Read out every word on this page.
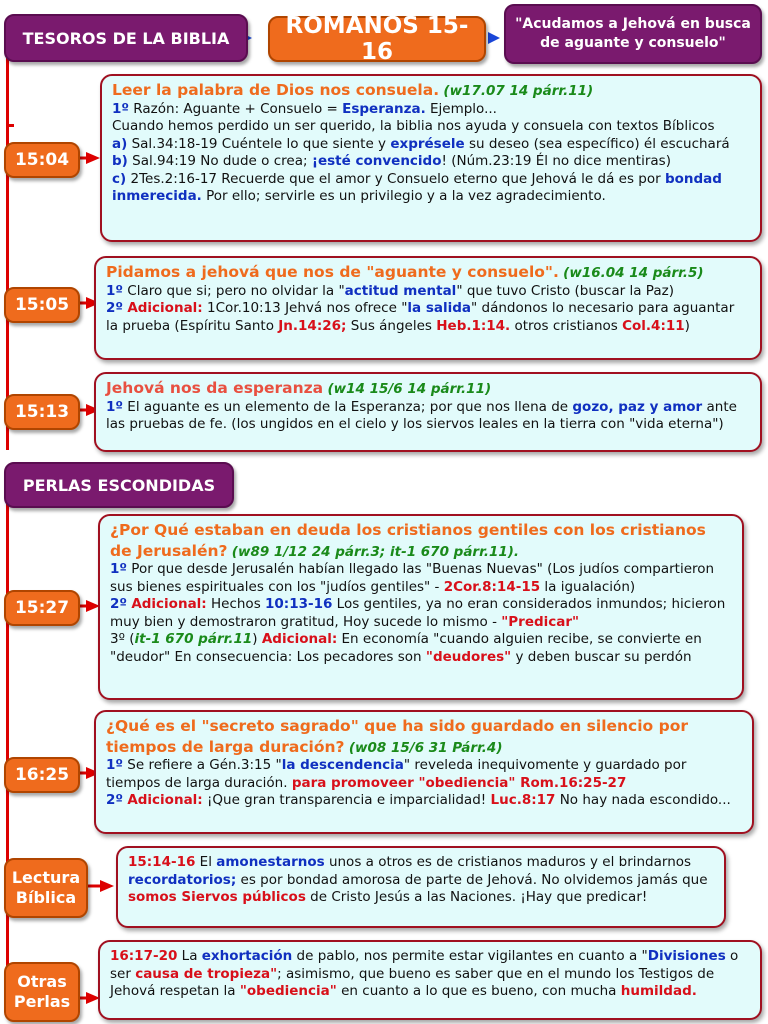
TESOROS DE LA BIBLIA	ROMANOS 15-16
"Acudamos a Jehová en busca de aguante y consuelo"
15:04

Leer la palabra de Dios nos consuela. (w17.07 14 párr.11)

1º Razón: Aguante + Consuelo = Esperanza. Ejemplo...

Cuando hemos perdido un ser querido, la biblia nos ayuda y consuela con textos Bíblicos

a) Sal.34:18-19 Cuéntele lo que siente y exprésele su deseo (sea específico) él escuchará

b) Sal.94:19 No dude o crea; ¡esté convencido! (Núm.23:19 Él no dice mentiras)

c) 2Tes.2:16-17 Recuerde que el amor y Consuelo eterno que Jehová le dá es por bondad inmerecida. Por ello; servirle es un privilegio y a la vez agradecimiento.

15:05

Pidamos a jehová que nos de "aguante y consuelo". (w16.04 14 párr.5)

1º Claro que si; pero no olvidar la "actitud mental" que tuvo Cristo (buscar la Paz)

2º Adicional: 1Cor.10:13 Jehvá nos ofrece "la salida" dándonos lo necesario para aguantar la prueba (Espíritu Santo Jn.14:26; Sus ángeles Heb.1:14. otros cristianos Col.4:11)

15:13

Jehová nos da esperanza (w14 15/6 14 párr.11)

1º El aguante es un elemento de la Esperanza; por que nos llena de gozo, paz y amor ante las pruebas de fe. (los ungidos en el cielo y los siervos leales en la tierra con "vida eterna")

PERLAS ESCONDIDAS
15:27

¿Por Qué estaban en deuda los cristianos gentiles con los cristianos de Jerusalén? (w89 1/12 24 párr.3; it-1 670 párr.11).

1º Por que desde Jerusalén habían llegado las "Buenas Nuevas" (Los judíos compartieron sus bienes espirituales con los "judíos gentiles" - 2Cor.8:14-15 la igualación)

2º Adicional: Hechos 10:13-16 Los gentiles, ya no eran considerados inmundos; hicieron muy bien y demostraron gratitud, Hoy sucede lo mismo - "Predicar"

3º (it-1 670 párr.11) Adicional: En economía "cuando alguien recibe, se convierte en "deudor" En consecuencia: Los pecadores son "deudores" y deben buscar su perdón

16:25

¿Qué es el "secreto sagrado" que ha sido guardado en silencio por tiempos de larga duración? (w08 15/6 31 Párr.4)

1º Se refiere a Gén.3:15 "la descendencia" reveleda inequivomente y guardado por tiempos de larga duración. para promoveer "obediencia" Rom.16:25-27

2º Adicional: ¡Que gran transparencia e imparcialidad! Luc.8:17 No hay nada escondido...

Lectura Bíblica

15:14-16 El amonestarnos unos a otros es de cristianos maduros y el brindarnos recordatorios; es por bondad amorosa de parte de Jehová. No olvidemos jamás que somos Siervos públicos de Cristo Jesús a las Naciones. ¡Hay que predicar!

Otras Perlas

16:17-20 La exhortación de pablo, nos permite estar vigilantes en cuanto a "Divisiones o ser causa de tropieza"; asimismo, que bueno es saber que en el mundo los Testigos de Jehová respetan la "obediencia" en cuanto a lo que es bueno, con mucha humildad.
